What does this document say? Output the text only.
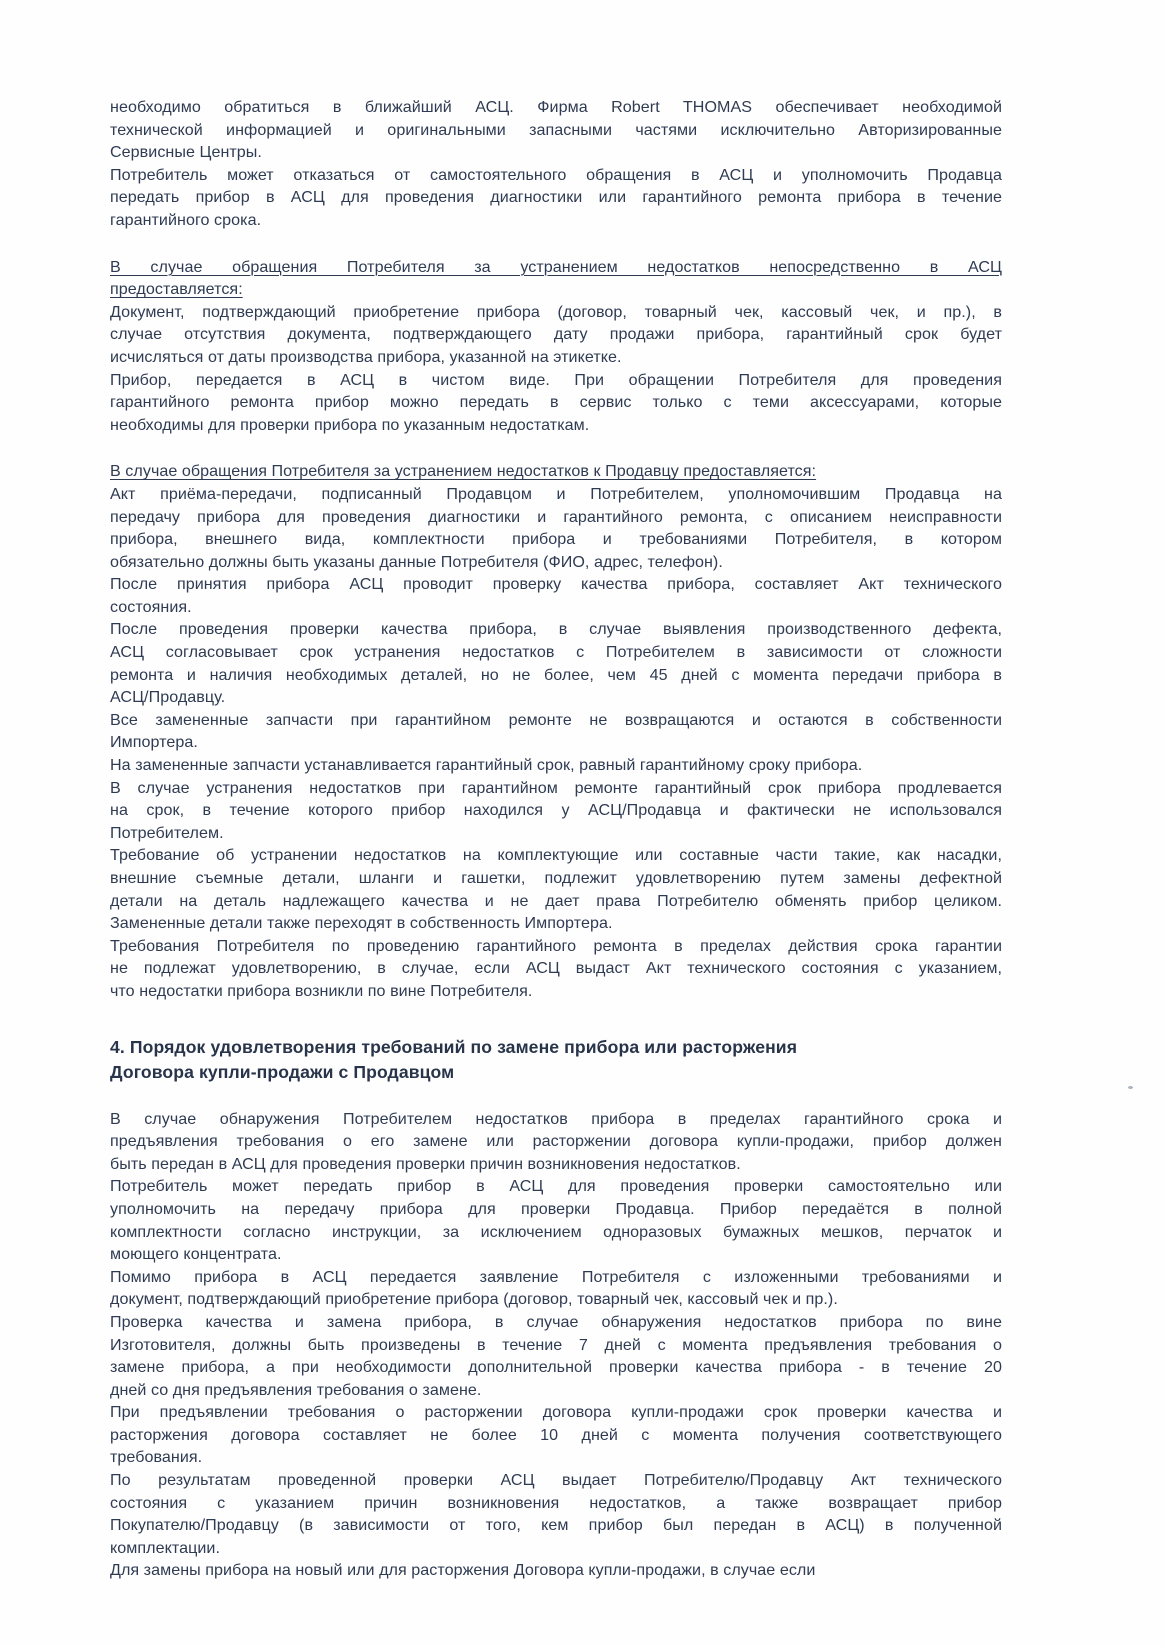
необходимо обратиться в ближайший АСЦ. Фирма Robert THOMAS обеспечивает необходимой
технической информацией и оригинальными запасными частями исключительно Авторизированные
Сервисные Центры.
Потребитель может отказаться от самостоятельного обращения в АСЦ и уполномочить Продавца
передать прибор в АСЦ для проведения диагностики или гарантийного ремонта прибора в течение
гарантийного срока.
В случае обращения Потребителя за устранением недостатков непосредственно в АСЦ
предоставляется:
Документ, подтверждающий приобретение прибора (договор, товарный чек, кассовый чек, и пр.), в
случае отсутствия документа, подтверждающего дату продажи прибора, гарантийный срок будет
исчисляться от даты производства прибора, указанной на этикетке.
Прибор, передается в АСЦ в чистом виде. При обращении Потребителя для проведения
гарантийного ремонта прибор можно передать в сервис только с теми аксессуарами, которые
необходимы для проверки прибора по указанным недостаткам.
В случае обращения Потребителя за устранением недостатков к Продавцу предоставляется:
Акт приёма-передачи, подписанный Продавцом и Потребителем, уполномочившим Продавца на
передачу прибора для проведения диагностики и гарантийного ремонта, с описанием неисправности
прибора, внешнего вида, комплектности прибора и требованиями Потребителя, в котором
обязательно должны быть указаны данные Потребителя (ФИО, адрес, телефон).
После принятия прибора АСЦ проводит проверку качества прибора, составляет Акт технического
состояния.
После проведения проверки качества прибора, в случае выявления производственного дефекта,
АСЦ согласовывает срок устранения недостатков с Потребителем в зависимости от сложности
ремонта и наличия необходимых деталей, но не более, чем 45 дней с момента передачи прибора в
АСЦ/Продавцу.
Все замененные запчасти при гарантийном ремонте не возвращаются и остаются в собственности
Импортера.
На замененные запчасти устанавливается гарантийный срок, равный гарантийному сроку прибора.
В случае устранения недостатков при гарантийном ремонте гарантийный срок прибора продлевается
на срок, в течение которого прибор находился у АСЦ/Продавца и фактически не использовался
Потребителем.
Требование об устранении недостатков на комплектующие или составные части такие, как насадки,
внешние съемные детали, шланги и гашетки, подлежит удовлетворению путем замены дефектной
детали на деталь надлежащего качества и не дает права Потребителю обменять прибор целиком.
Замененные детали также переходят в собственность Импортера.
Требования Потребителя по проведению гарантийного ремонта в пределах действия срока гарантии
не подлежат удовлетворению, в случае, если АСЦ выдаст Акт технического состояния с указанием,
что недостатки прибора возникли по вине Потребителя.
4. Порядок удовлетворения требований по замене прибора или расторжения
Договора купли-продажи с Продавцом
В случае обнаружения Потребителем недостатков прибора в пределах гарантийного срока и
предъявления требования о его замене или расторжении договора купли-продажи, прибор должен
быть передан в АСЦ для проведения проверки причин возникновения недостатков.
Потребитель может передать прибор в АСЦ для проведения проверки самостоятельно или
уполномочить на передачу прибора для проверки Продавца. Прибор передаётся в полной
комплектности согласно инструкции, за исключением одноразовых бумажных мешков, перчаток и
моющего концентрата.
Помимо прибора в АСЦ передается заявление Потребителя с изложенными требованиями и
документ, подтверждающий приобретение прибора (договор, товарный чек, кассовый чек и пр.).
Проверка качества и замена прибора, в случае обнаружения недостатков прибора по вине
Изготовителя, должны быть произведены в течение 7 дней с момента предъявления требования о
замене прибора, а при необходимости дополнительной проверки качества прибора - в течение 20
дней со дня предъявления требования о замене.
При предъявлении требования о расторжении договора купли-продажи срок проверки качества и
расторжения договора составляет не более 10 дней с момента получения соответствующего
требования.
По результатам проведенной проверки АСЦ выдает Потребителю/Продавцу Акт технического
состояния с указанием причин возникновения недостатков, а также возвращает прибор
Покупателю/Продавцу (в зависимости от того, кем прибор был передан в АСЦ) в полученной
комплектации.
Для замены прибора на новый или для расторжения Договора купли-продажи, в случае если
